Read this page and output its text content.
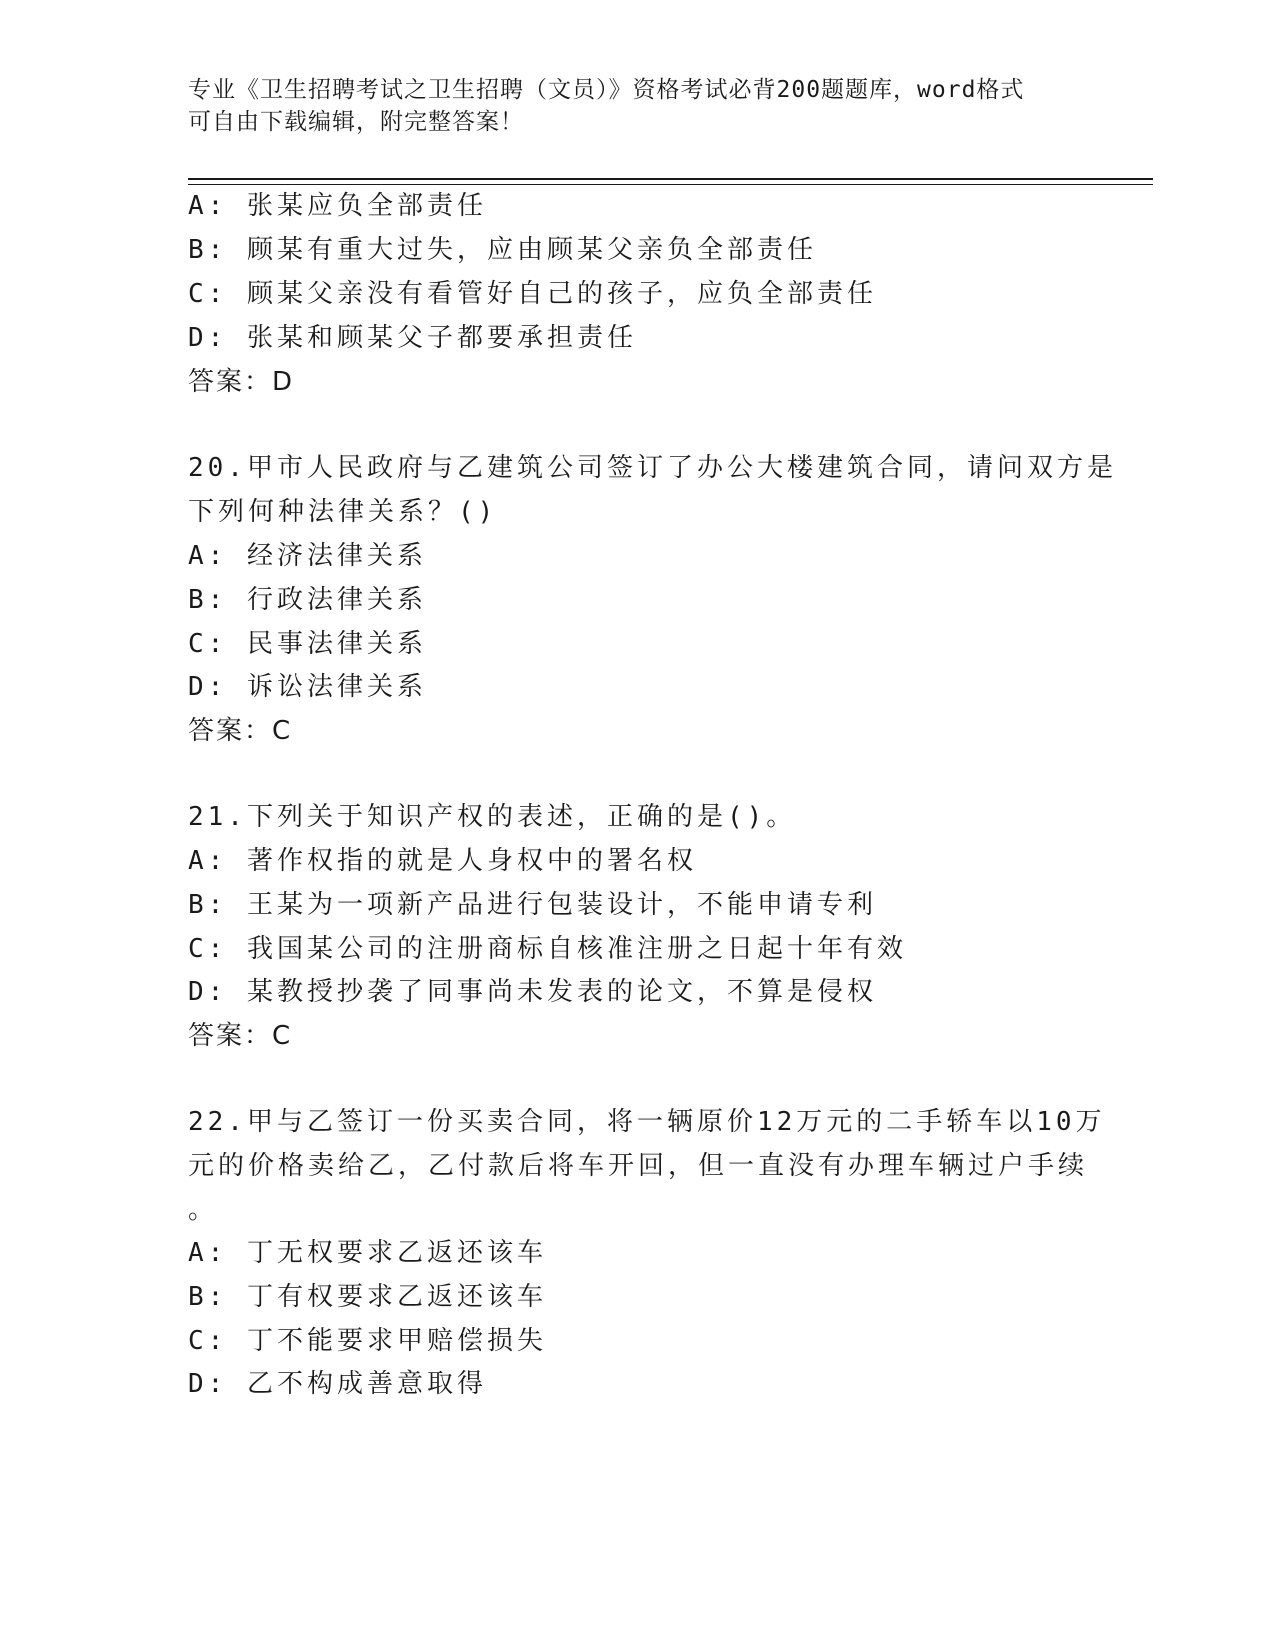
专业《卫生招聘考试之卫生招聘（文员）》资格考试必背200题题库，word格式
可自由下载编辑，附完整答案！
A: 张某应负全部责任
B: 顾某有重大过失，应由顾某父亲负全部责任
C: 顾某父亲没有看管好自己的孩子，应负全部责任
D: 张某和顾某父子都要承担责任
答案：D
20.甲市人民政府与乙建筑公司签订了办公大楼建筑合同，请问双方是
下列何种法律关系？()
A: 经济法律关系
B: 行政法律关系
C: 民事法律关系
D: 诉讼法律关系
答案：C
21.下列关于知识产权的表述，正确的是()。
A: 著作权指的就是人身权中的署名权
B: 王某为一项新产品进行包装设计，不能申请专利
C: 我国某公司的注册商标自核准注册之日起十年有效
D: 某教授抄袭了同事尚未发表的论文，不算是侵权
答案：C
22.甲与乙签订一份买卖合同，将一辆原价12万元的二手轿车以10万
元的价格卖给乙，乙付款后将车开回，但一直没有办理车辆过户手续
。
A: 丁无权要求乙返还该车
B: 丁有权要求乙返还该车
C: 丁不能要求甲赔偿损失
D: 乙不构成善意取得
